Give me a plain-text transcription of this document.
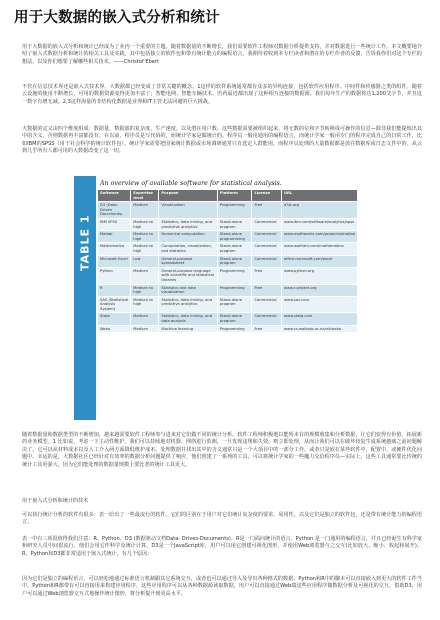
用于大数据的嵌入式分析和统计

用于大数据的嵌入式分析和统计已经成为了业内一个重要的主题。随着数据量的不断增长，我们需要软件工程师对数据分析提供支持，并对数据进行一些统计工作。本文概要地介绍了嵌入式数据分析和统计的相关工具及实践，其中包括独立的软件包和带有统计能力的编程语言。我期待着收到本专栏读者和潜在的专栏作者的反馈，告诉我你们对这个专栏的想法，以及你们想要了解哪些相关技术。——Christof Ebert

不管在信息技术界还是嵌入式技术界，大数据都已经变成了非常关键的概念。1这样的软件系统通常都有众多的异构连接，包括软件应用程序、中间件和传感器之类的组件。随着云设施的使用不断增长，可用的数据资源变得更加丰富了；智能电网、智能车辆技术、医药最近都出现了这种相互连接的数据源。我们每年生产的数据将达1,200艾字节，并且这一数字有增无减。2,3这样海量的非结构化数据是业界和IT主管无法回避的巨大挑战。

大数据的定义由四个维度组成：数据量、数据源的复杂度、生产速度，以及潜在用户数。这些数据需要被组织起来，将无数的位和字节转换成可操作的信息—除非我们能提炼出其中的含义，否则数据再丰富都没有。在以前，程序员是写代码的，而统计学家是做统计的。程序员一般用通用的编程语言，而统计学家一般用专门的程序完成自己的日常工作，比如IBM的SPSS（用于社会科学的统计软件包）。统计学家需要把国家统计数据或市场调研通常只有选定人群能用，而程序员处理的大量数据都是放在数据库或日志文件中的。从云到几乎所有人都可用的大数据改变了这一切。

TABLE 1
An overview of available software for statistical analysis.
Software	Expertise level	Purpose	Platform	License	URL
D3 (Data-Driven Documents)	Medium	Visualization	Programming	Free	d3js.org
IBM SPSS	Medium to high	Statistics, data mining, and predictive analytics	Stand-alone program	Commercial	www.ibm.com/software/analytics/spss
Matlab	Medium to high	Numerical computation	Stand-alone programming	Commercial	www.mathworks.com/products/matlab
Mathematica	Medium to high	Computation, visualization, and statistics	Stand-alone program	Commercial	www.wolfram.com/mathematica
Microsoft Excel	Low	General-purpose spreadsheet	Stand-alone program	Commercial	office.microsoft.com/excel
Python	Medium	General-purpose language with scientific and statistical libraries	Programming	Free	www.python.org
R	Medium to high	Statistics and data visualization	Programming	Free	www.r-project.org
SAS (Statistical Analysis System)	Medium to high	Statistics, data mining, and predictive analytics	Stand-alone program	Commercial	www.sas.com
Stata	Medium	Statistics, data mining, and data analysis	Stand-alone program	Commercial	www.stata.com
Weka	Medium	Machine learning	Programming	Free	www.cs.waikato.ac.nz/ml/weka

随着数据量和数据类型的不断增加，越来越需要软件工程师参与进来对它们做不同的统计分析。软件工程师积极地以能所未有的规模收集和分析数据，让它们变得有价值，拓展新的业务模型。1 比如说，考虑一下主动性维护。我们可以持续地对机器、网络进行监测，一旦发现违规和失效，则立即处理，从而让我们可以在破坏较复生成系统越痛之前问题解决了。它可以从材料成本以及人工介入两方面降低维护成本。处理数据并找出其中的含义通常只是一个大项目中的一部分工作，或者只是嵌在某些软件中，配置中，或硬件优化问题中。幸运的是，大数据社区已经针对有效率的数据分析问题提供了响应，他们创建了一系列的工具，可以将统计学家的一些魔力交给程序员—实际上，这些工具通常要比传统的统计工具更强大，因为它们能处理的数据量规模上要比老的统计工具更大。

用于嵌入式分析和统计的技术

可以执行统计分析的软件有很多：表一给出了一些最流行的软件。它们的区别在于用户对它们统计复杂度的要求，易用性，以及它们是独立的软件包，还是带有统计能力的编程语言。

表一中有三项很值得我们注意：R、Python、D3 (数据驱动文档Data- Drives-Documents)。R是一门面向统计的语言。Python 是一门通用的编程语言，并且已经诞生有科学家和研究人员中间很流行，他们会用它作科学及统计计算。D3是一个JavaScript库，用户可以用它创建可视化图形，并使用Web浏览器与之交互(比如放大、缩小、收起和展开)。R、Python和D3都非常适用于嵌入式统计，有几个原因：

因为它们是独立的编程语言，可以轻松地通过标准语言机制跟其它系统交互，或者也可以通过导入及导出各种格式的数据。Python和R中的脚本可以直接嵌入到更大的软件工件当中。Python和R都带有可以直接用来构建应用程序，这些应用程序可以从各种数据源读取数据，用户可以直接通过Web端这些应用程序做数据分析及可视化的交互。借助D3，用户可以通过Web浏览器交互式地操作统计图形，将分析提升到更高水平。
